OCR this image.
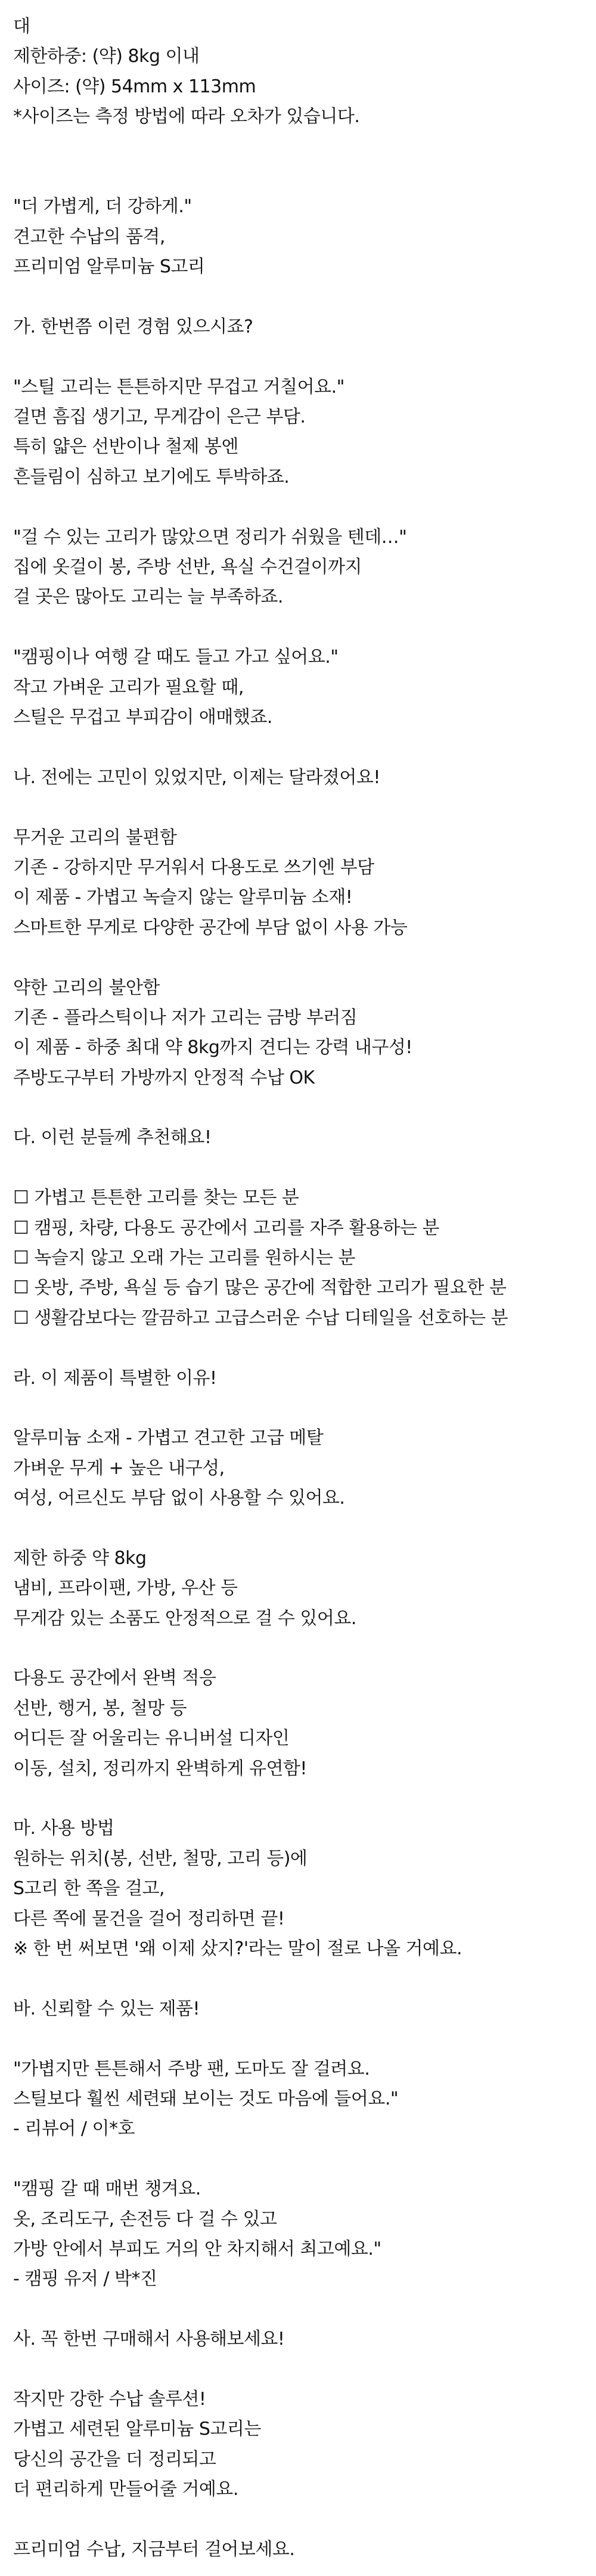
대
제한하중: (약) 8kg 이내
사이즈: (약) 54mm x 113mm
*사이즈는 측정 방법에 따라 오차가 있습니다.
"더 가볍게, 더 강하게."
견고한 수납의 품격,
프리미엄 알루미늄 S고리
가. 한번쯤 이런 경험 있으시죠?
"스틸 고리는 튼튼하지만 무겁고 거칠어요."
걸면 흠집 생기고, 무게감이 은근 부담.
특히 얇은 선반이나 철제 봉엔
흔들림이 심하고 보기에도 투박하죠.
"걸 수 있는 고리가 많았으면 정리가 쉬웠을 텐데…"
집에 옷걸이 봉, 주방 선반, 욕실 수건걸이까지
걸 곳은 많아도 고리는 늘 부족하죠.
"캠핑이나 여행 갈 때도 들고 가고 싶어요."
작고 가벼운 고리가 필요할 때,
스틸은 무겁고 부피감이 애매했죠.
나. 전에는 고민이 있었지만, 이제는 달라졌어요!
무거운 고리의 불편함
기존 - 강하지만 무거워서 다용도로 쓰기엔 부담
이 제품 - 가볍고 녹슬지 않는 알루미늄 소재!
스마트한 무게로 다양한 공간에 부담 없이 사용 가능
약한 고리의 불안함
기존 - 플라스틱이나 저가 고리는 금방 부러짐
이 제품 - 하중 최대 약 8kg까지 견디는 강력 내구성!
주방도구부터 가방까지 안정적 수납 OK
다. 이런 분들께 추천해요!
☐ 가볍고 튼튼한 고리를 찾는 모든 분
☐ 캠핑, 차량, 다용도 공간에서 고리를 자주 활용하는 분
☐ 녹슬지 않고 오래 가는 고리를 원하시는 분
☐ 옷방, 주방, 욕실 등 습기 많은 공간에 적합한 고리가 필요한 분
☐ 생활감보다는 깔끔하고 고급스러운 수납 디테일을 선호하는 분
라. 이 제품이 특별한 이유!
알루미늄 소재 - 가볍고 견고한 고급 메탈
가벼운 무게 + 높은 내구성,
여성, 어르신도 부담 없이 사용할 수 있어요.
제한 하중 약 8kg
냄비, 프라이팬, 가방, 우산 등
무게감 있는 소품도 안정적으로 걸 수 있어요.
다용도 공간에서 완벽 적응
선반, 행거, 봉, 철망 등
어디든 잘 어울리는 유니버설 디자인
이동, 설치, 정리까지 완벽하게 유연함!
마. 사용 방법
원하는 위치(봉, 선반, 철망, 고리 등)에
S고리 한 쪽을 걸고,
다른 쪽에 물건을 걸어 정리하면 끝!
※ 한 번 써보면 '왜 이제 샀지?'라는 말이 절로 나올 거예요.
바. 신뢰할 수 있는 제품!
"가볍지만 튼튼해서 주방 팬, 도마도 잘 걸려요.
스틸보다 훨씬 세련돼 보이는 것도 마음에 들어요."
- 리뷰어 / 이*호
"캠핑 갈 때 매번 챙겨요.
옷, 조리도구, 손전등 다 걸 수 있고
가방 안에서 부피도 거의 안 차지해서 최고예요."
- 캠핑 유저 / 박*진
사. 꼭 한번 구매해서 사용해보세요!
작지만 강한 수납 솔루션!
가볍고 세련된 알루미늄 S고리는
당신의 공간을 더 정리되고
더 편리하게 만들어줄 거예요.
프리미엄 수납, 지금부터 걸어보세요.
